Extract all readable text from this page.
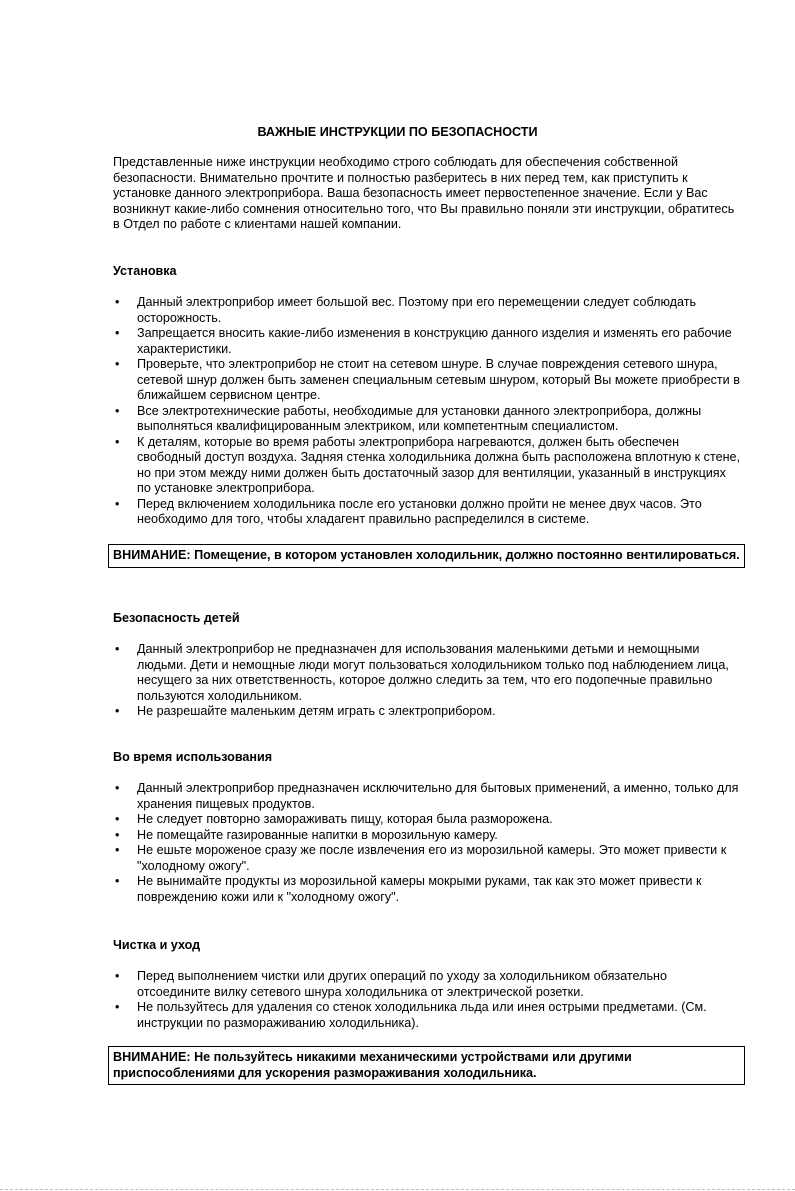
ВАЖНЫЕ ИНСТРУКЦИИ ПО БЕЗОПАСНОСТИ
Представленные ниже инструкции необходимо строго соблюдать для обеспечения собственной безопасности. Внимательно прочтите и полностью разберитесь в них перед тем, как приступить к установке данного электроприбора. Ваша безопасность имеет первостепенное значение. Если у Вас возникнут какие-либо сомнения относительно того, что Вы правильно поняли эти инструкции, обратитесь в Отдел по работе с клиентами нашей компании.
Установка
• Данный электроприбор имеет большой вес. Поэтому при его перемещении следует соблюдать осторожность.
• Запрещается вносить какие-либо изменения в конструкцию данного изделия и изменять его рабочие характеристики.
• Проверьте, что электроприбор не стоит на сетевом шнуре. В случае повреждения сетевого шнура, сетевой шнур должен быть заменен специальным сетевым шнуром, который Вы можете приобрести в ближайшем сервисном центре.
• Все электротехнические работы, необходимые для установки данного электроприбора, должны выполняться квалифицированным электриком, или компетентным специалистом.
• К деталям, которые во время работы электроприбора нагреваются, должен быть обеспечен свободный доступ воздуха. Задняя стенка холодильника должна быть расположена вплотную к стене, но при этом между ними должен быть достаточный зазор для вентиляции, указанный в инструкциях по установке электроприбора.
• Перед включением холодильника после его установки должно пройти не менее двух часов. Это необходимо для того, чтобы хладагент правильно распределился в системе.
ВНИМАНИЕ: Помещение, в котором установлен холодильник, должно постоянно вентилироваться.
Безопасность детей
• Данный электроприбор не предназначен для использования маленькими детьми и немощными людьми. Дети и немощные люди могут пользоваться холодильником только под наблюдением лица, несущего за них ответственность, которое должно следить за тем, что его подопечные правильно пользуются холодильником.
• Не разрешайте маленьким детям играть с электроприбором.
Во время использования
• Данный электроприбор предназначен исключительно для бытовых применений, а именно, только для хранения пищевых продуктов.
• Не следует повторно замораживать пищу, которая была разморожена.
• Не помещайте газированные напитки в морозильную камеру.
• Не ешьте мороженое сразу же после извлечения его из морозильной камеры. Это может привести к "холодному ожогу".
• Не вынимайте продукты из морозильной камеры мокрыми руками, так как это может привести к повреждению кожи или к "холодному ожогу".
Чистка и уход
• Перед выполнением чистки или других операций по уходу за холодильником обязательно отсоедините вилку сетевого шнура холодильника от электрической розетки.
• Не пользуйтесь для удаления со стенок холодильника льда или инея острыми предметами. (См. инструкции по размораживанию холодильника).
ВНИМАНИЕ: Не пользуйтесь никакими механическими устройствами или другими приспособлениями для ускорения размораживания холодильника.
